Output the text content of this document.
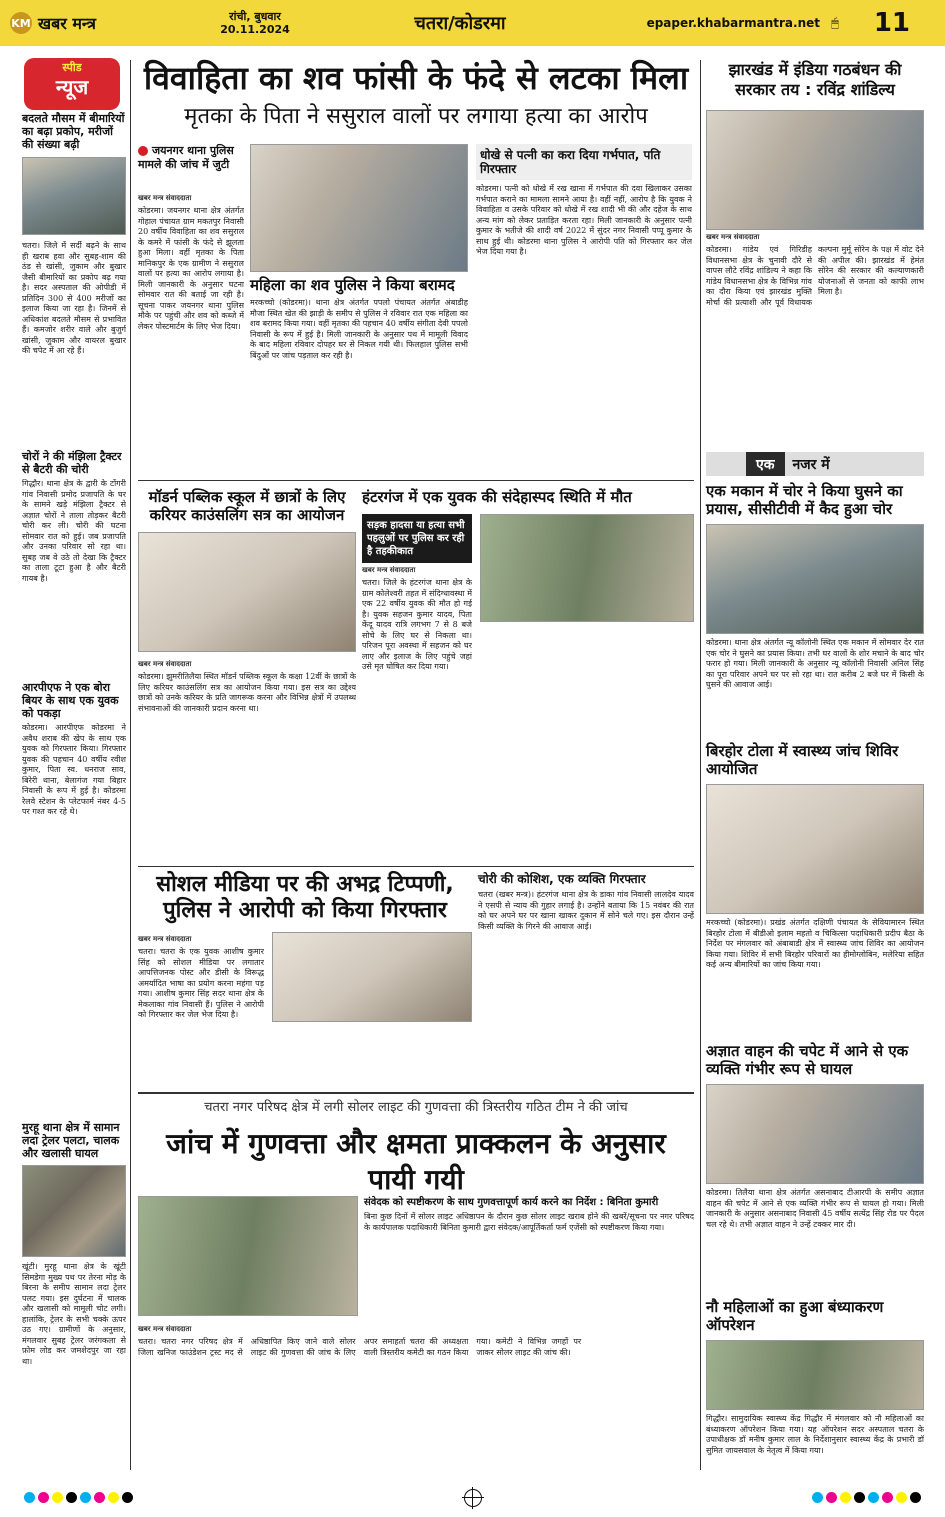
KM खबर मन्त्र	रांची, बुधवार
20.11.2024	चतरा/कोडरमा	epaper.khabarmantra.net 🖱	11
स्पीड
न्यूज
बदलते मौसम में बीमारियों का बढ़ा प्रकोप, मरीजों की संख्या बढ़ी
चतरा। जिले में सर्दी बढ़ने के साथ ही खराब हवा और सुबह-शाम की ठंड से खांसी, जुकाम और बुखार जैसी बीमारियों का प्रकोप बढ़ गया है। सदर अस्पताल की ओपीडी में प्रतिदिन 300 से 400 मरीजों का इलाज किया जा रहा है। जिनमें से अधिकांश बदलते मौसम से प्रभावित हैं। कमजोर शरीर वाले और बुजुर्ग खांसी, जुकाम और वायरल बुखार की चपेट में आ रहे हैं।
चोरों ने की मंझिला ट्रैक्टर से बैटरी की चोरी
गिद्धौर। थाना क्षेत्र के द्वारी के टोंगरी गांव निवासी प्रमोद प्रजापति के घर के सामने खड़े मंझिला ट्रैक्टर से अज्ञात चोरों ने ताला तोड़कर बैटरी चोरी कर ली। चोरी की घटना सोमवार रात को हुई। जब प्रजापति और उनका परिवार सो रहा था। सुबह जब वे उठे तो देखा कि ट्रैक्टर का ताला टूटा हुआ है और बैटरी गायब है।
आरपीएफ ने एक बोरा बियर के साथ एक युवक को पकड़ा
कोडरमा। आरपीएफ कोडरमा ने अवैध शराब की खेप के साथ एक युवक को गिरफ्तार किया। गिरफ्तार युवक की पहचान 40 वर्षीय रवीश कुमार, पिता स्व. धनराज साव, बिरेरी थाना, बेलागंज गया बिहार निवासी के रूप में हुई है। कोडरमा रेलवे स्टेशन के प्लेटफार्म नंबर 4-5 पर गश्त कर रहे थे।
मुरहू थाना क्षेत्र में सामान लदा ट्रेलर पलटा, चालक और खलासी घायल
खूंटी। मुरहू थाना क्षेत्र के खूंटी सिमडेगा मुख्य पथ पर तेरना मोड़ के बिरना के समीप सामान लदा ट्रेलर पलट गया। इस दुर्घटना में चालक और खलासी को मामूली चोट लगी। हालांकि, ट्रेलर के सभी चक्के ऊपर उठ गए। ग्रामीणों के अनुसार, मंगलवार सुबह ट्रेलर जरंगकला से फ़ोम लोड कर जमशेदपुर जा रहा था।
विवाहिता का शव फांसी के फंदे से लटका मिला
मृतका के पिता ने ससुराल वालों पर लगाया हत्या का आरोप
जयनगर थाना पुलिस मामले की जांच में जुटी
खबर मन्त्र संवाददाता
कोडरमा। जयनगर थाना क्षेत्र अंतर्गत गोहाल पंचायत ग्राम मकतपुर निवासी 20 वर्षीय विवाहिता का शव ससुराल के कमरे में फांसी के फंदे से झूलता हुआ मिला। वहीं मृतका के पिता मानिकपुर के एक ग्रामीण ने ससुराल वालों पर हत्या का आरोप लगाया है। मिली जानकारी के अनुसार घटना सोमवार रात की बताई जा रही है। सूचना पाकर जयनगर थाना पुलिस मौके पर पहुंची और शव को कब्जे में लेकर पोस्टमार्टम के लिए भेज दिया।
महिला का शव पुलिस ने किया बरामद
मरकच्चो (कोडरमा)। थाना क्षेत्र अंतर्गत पपलो पंचायत अंतर्गत अंबाडीह मौजा स्थित खेत की झाड़ी के समीप से पुलिस ने रविवार रात एक महिला का शव बरामद किया गया। वहीं मृतका की पहचान 40 वर्षीय संगीता देवी पपलो निवासी के रूप में हुई है। मिली जानकारी के अनुसार पथ में मामूली विवाद के बाद महिला रविवार दोपहर घर से निकल गयी थी। फिलहाल पुलिस सभी बिंदुओं पर जांच पड़ताल कर रही है।
धोखे से पत्नी का करा दिया गर्भपात, पति गिरफ्तार
कोडरमा। पत्नी को धोखे में रख खाना में गर्भपात की दवा खिलाकर उसका गर्भपात कराने का मामला सामने आया है। वहीं नहीं, आरोप है कि युवक ने विवाहिता व उसके परिवार को धोखे में रख शादी भी की और दहेज के साथ अन्य मांग को लेकर प्रताड़ित करता रहा। मिली जानकारी के अनुसार पत्नी कुमार के भतीजे की शादी वर्ष 2022 में सुंदर नगर निवासी पप्पू कुमार के साथ हुई थी। कोडरमा थाना पुलिस ने आरोपी पति को गिरफ्तार कर जेल भेज दिया गया है।
मॉडर्न पब्लिक स्कूल में छात्रों के लिए करियर काउंसलिंग सत्र का आयोजन
खबर मन्त्र संवाददाता
कोडरमा। झुमरीतिलैया स्थित मॉडर्न पब्लिक स्कूल के कक्षा 12वीं के छात्रों के लिए करियर काउंसलिंग सत्र का आयोजन किया गया। इस सत्र का उद्देश्य छात्रों को उनके करियर के प्रति जागरूक करना और विभिन्न क्षेत्रों में उपलब्ध संभावनाओं की जानकारी प्रदान करना था।
हंटरगंज में एक युवक की संदेहास्पद स्थिति में मौत
सड़क हादसा या हत्या सभी पहलुओं पर पुलिस कर रही है तहकीकात
खबर मन्त्र संवाददाता
चतरा। जिले के हंटरगंज थाना क्षेत्र के ग्राम कोलेश्वरी तहत में संदिग्धावस्था में एक 22 वर्षीय युवक की मौत हो गई है। युवक सहजन कुमार यादव, पिता केंदू यादव रात्रि लगभग 7 से 8 बजे सोचे के लिए घर से निकला था। परिजन पूरा अवस्था में सहजन को घर लाए और इलाज के लिए पहुंचे जहां उसे मृत घोषित कर दिया गया।
सोशल मीडिया पर की अभद्र टिप्पणी, पुलिस ने आरोपी को किया गिरफ्तार
खबर मन्त्र संवाददाता
चतरा। चतरा के एक युवक आशीष कुमार सिंह को सोशल मीडिया पर लगातार आपत्तिजनक पोस्ट और डीसी के विरूद्ध अमर्यादित भाषा का प्रयोग करना महंगा पड़ गया। आशीष कुमार सिंह सदर थाना क्षेत्र के मेकलाका गांव निवासी हैं। पुलिस ने आरोपी को गिरफ्तार कर जेल भेज दिया है।
चोरी की कोशिश, एक व्यक्ति गिरफ्तार
चतरा (खबर मन्त्र)। हंटरगंज थाना क्षेत्र के डाका गांव निवासी लालदेव यादव ने एसपी से न्याय की गुहार लगाई है। उन्होंने बताया कि 15 नवंबर की रात को घर अपने घर पर खाना खाकर दुकान में सोने चले गए। इस दौरान उन्हें किसी व्यक्ति के गिरने की आवाज आई।
चतरा नगर परिषद क्षेत्र में लगी सोलर लाइट की गुणवत्ता की त्रिस्तरीय गठित टीम ने की जांच
जांच में गुणवत्ता और क्षमता प्राक्कलन के अनुसार पायी गयी
संवेदक को स्पष्टीकरण के साथ गुणवत्तापूर्ण कार्य करने का निर्देश : बिनिता कुमारी
बिना कुछ दिनों में सोलर लाइट अधिष्ठापन के दौरान कुछ सोलर लाइट खराब होने की खबरें/सूचना पर नगर परिषद के कार्यपालक पदाधिकारी बिनिता कुमारी द्वारा संवेदक/आपूर्तिकर्ता फर्म एजेंसी को स्पष्टीकरण किया गया।
खबर मन्त्र संवाददाता
चतरा। चतरा नगर परिषद क्षेत्र में जिला खनिज फाउंडेशन ट्रस्ट मद से अधिष्ठापित किए जाने वाले सोलर लाइट की गुणवत्ता की जांच के लिए अपर समाहर्ता चतरा की अध्यक्षता वाली त्रिस्तरीय कमेटी का गठन किया गया। कमेटी ने विभिन्न जगहों पर जाकर सोलर लाइट की जांच की।
झारखंड में इंडिया गठबंधन की सरकार तय : रविंद्र शांडिल्य
खबर मन्त्र संवाददाता
कोडरमा। गांडेय एवं गिरिडीह विधानसभा क्षेत्र के चुनावी दौरे से वापस लौटे रविंद्र शांडिल्य ने कहा कि गांडेय विधानसभा क्षेत्र के विभिन्न गांव का दौरा किया एवं झारखंड मुक्ति मोर्चा की प्रत्याशी और पूर्व विधायक कल्पना मुर्मू सोरेन के पक्ष में वोट देने की अपील की। झारखंड में हेमंत सोरेन की सरकार की कल्याणकारी योजनाओं से जनता को काफी लाभ मिला है।
एक	नजर में
एक मकान में चोर ने किया घुसने का प्रयास, सीसीटीवी में कैद हुआ चोर
कोडरमा। थाना क्षेत्र अंतर्गत न्यू कॉलोनी स्थित एक मकान में सोमवार देर रात एक चोर ने घुसने का प्रयास किया। तभी घर वालों के शोर मचाने के बाद चोर फरार हो गया। मिली जानकारी के अनुसार न्यू कॉलोनी निवासी अनिल सिंह का पूरा परिवार अपने घर पर सो रहा था। रात करीब 2 बजे घर में किसी के घुसने की आवाज आई।
बिरहोर टोला में स्वास्थ्य जांच शिविर आयोजित
मरकच्चो (कोडरमा)। प्रखंड अंतर्गत दक्षिणी पंचायत के सेवियामारन स्थित बिरहोर टोला में बीडीओ इलाम महतो व चिकित्सा पदाधिकारी प्रदीप बैठा के निर्देश पर मंगलवार को अंबाबाडी क्षेत्र में स्वास्थ्य जांच शिविर का आयोजन किया गया। शिविर में सभी बिरहोर परिवारों का हीमोग्लोबिन, मलेरिया सहित कई अन्य बीमारियों का जांच किया गया।
अज्ञात वाहन की चपेट में आने से एक व्यक्ति गंभीर रूप से घायल
कोडरमा। तिलैया थाना क्षेत्र अंतर्गत असनाबाद टीआरपी के समीप अज्ञात वाहन की चपेट में आने से एक व्यक्ति गंभीर रूप से घायल हो गया। मिली जानकारी के अनुसार असनाबाद निवासी 45 वर्षीय सत्येंद्र सिंह रोड पर पैदल चल रहे थे। तभी अज्ञात वाहन ने उन्हें टक्कर मार दी।
नौ महिलाओं का हुआ बंध्याकरण ऑपरेशन
गिद्धौर। सामुदायिक स्वास्थ्य केंद्र गिद्धौर में मंगलवार को नौ महिलाओं का बंध्याकरण ऑपरेशन किया गया। यह ऑपरेशन सदर अस्पताल चतरा के उपाधीक्षक डॉ मनीष कुमार लाल के निर्देशानुसार स्वास्थ्य केंद्र के प्रभारी डॉ सुमित जायसवाल के नेतृत्व में किया गया।
